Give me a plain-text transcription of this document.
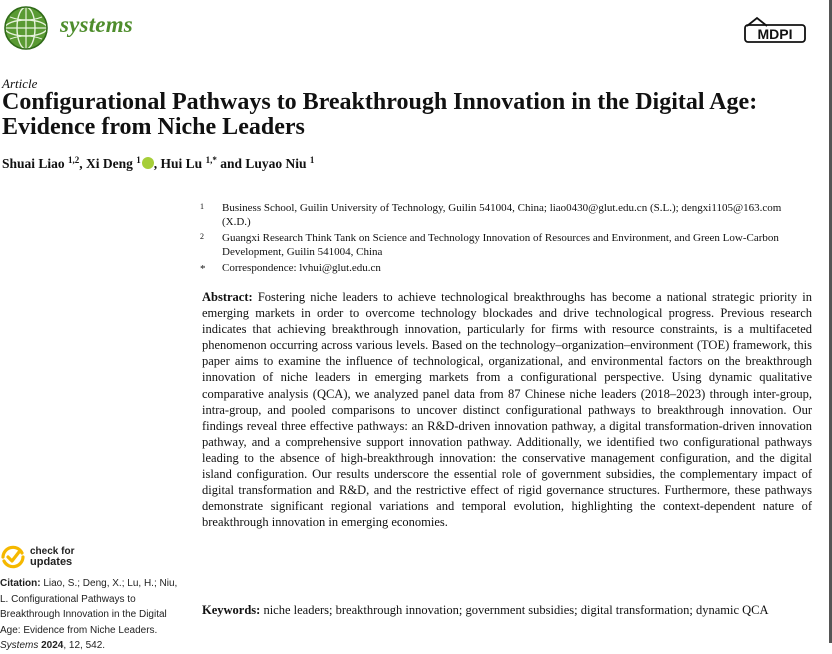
systems	MDPI
Article
Configurational Pathways to Breakthrough Innovation in the Digital Age: Evidence from Niche Leaders
Shuai Liao $^{1,2}$, Xi Deng $^1$ , Hui Lu $^{1,*}$ and Luyao Niu $^1$
1 Business School, Guilin University of Technology, Guilin 541004, China; liao0430@glut.edu.cn (S.L.); dengxi1105@163.com (X.D.)
2 Guangxi Research Think Tank on Science and Technology Innovation of Resources and Environment, and Green Low-Carbon Development, Guilin 541004, China
* Correspondence: lvhui@glut.edu.cn

Abstract: Fostering niche leaders to achieve technological breakthroughs has become a national strategic priority in emerging markets in order to overcome technology blockades and drive technological progress. Previous research indicates that achieving breakthrough innovation, particularly for firms with resource constraints, is a multifaceted phenomenon occurring across various levels. Based on the technology–organization–environment (TOE) framework, this paper aims to examine the influence of technological, organizational, and environmental factors on the breakthrough innovation of niche leaders in emerging markets from a configurational perspective. Using dynamic qualitative comparative analysis (QCA), we analyzed panel data from 87 Chinese niche leaders (2018–2023) through inter-group, intra-group, and pooled comparisons to uncover distinct configurational pathways to breakthrough innovation. Our findings reveal three effective pathways: an R&D-driven innovation pathway, a digital transformation-driven innovation pathway, and a comprehensive support innovation pathway. Additionally, we identified two configurational pathways leading to the absence of high-breakthrough innovation: the conservative management configuration, and the digital island configuration. Our results underscore the essential role of government subsidies, the complementary impact of digital transformation and R&D, and the restrictive effect of rigid governance structures. Furthermore, these pathways demonstrate significant regional variations and temporal evolution, highlighting the context-dependent nature of breakthrough innovation in emerging economies.

Keywords: niche leaders; breakthrough innovation; government subsidies; digital transformation; dynamic QCA

check for
updates
Citation: Liao, S.; Deng, X.; Lu, H.; Niu, L. Configurational Pathways to Breakthrough Innovation in the Digital Age: Evidence from Niche Leaders. Systems 2024, 12, 542.
